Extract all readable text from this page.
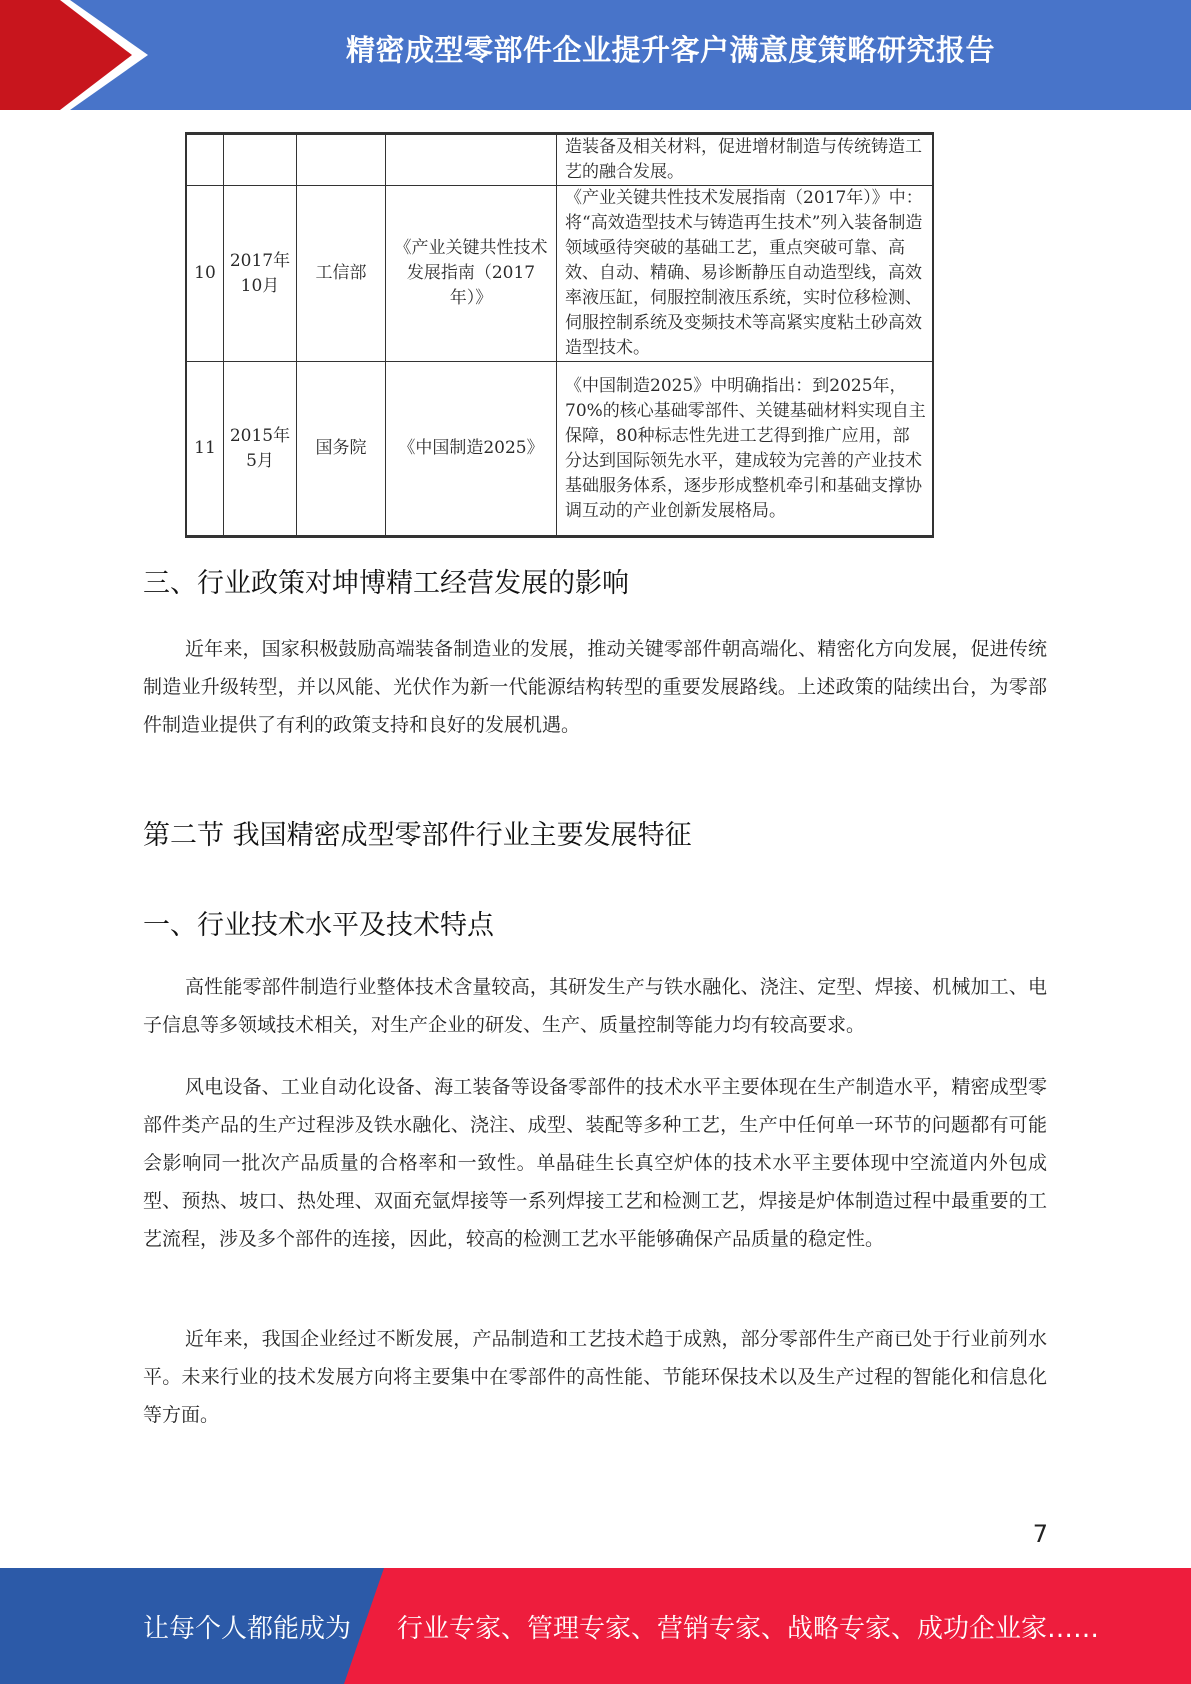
精密成型零部件企业提升客户满意度策略研究报告
				造装备及相关材料，促进增材制造与传统铸造工艺的融合发展。
10	2017年10月	工信部	《产业关键共性技术发展指南（2017年）》	《产业关键共性技术发展指南（2017年）》中：将“高效造型技术与铸造再生技术”列入装备制造领域亟待突破的基础工艺，重点突破可靠、高效、自动、精确、易诊断静压自动造型线，高效率液压缸，伺服控制液压系统，实时位移检测、伺服控制系统及变频技术等高紧实度粘土砂高效造型技术。
11	2015年5月	国务院	《中国制造2025》	《中国制造2025》中明确指出：到2025年，70%的核心基础零部件、关键基础材料实现自主保障，80种标志性先进工艺得到推广应用，部分达到国际领先水平，建成较为完善的产业技术基础服务体系，逐步形成整机牵引和基础支撑协调互动的产业创新发展格局。
三、行业政策对坤博精工经营发展的影响

近年来，国家积极鼓励高端装备制造业的发展，推动关键零部件朝高端化、精密化方向发展，促进传统制造业升级转型，并以风能、光伏作为新一代能源结构转型的重要发展路线。上述政策的陆续出台，为零部件制造业提供了有利的政策支持和良好的发展机遇。

第二节 我国精密成型零部件行业主要发展特征
一、行业技术水平及技术特点

高性能零部件制造行业整体技术含量较高，其研发生产与铁水融化、浇注、定型、焊接、机械加工、电子信息等多领域技术相关，对生产企业的研发、生产、质量控制等能力均有较高要求。

风电设备、工业自动化设备、海工装备等设备零部件的技术水平主要体现在生产制造水平，精密成型零部件类产品的生产过程涉及铁水融化、浇注、成型、装配等多种工艺，生产中任何单一环节的问题都有可能会影响同一批次产品质量的合格率和一致性。单晶硅生长真空炉体的技术水平主要体现中空流道内外包成型、预热、坡口、热处理、双面充氩焊接等一系列焊接工艺和检测工艺，焊接是炉体制造过程中最重要的工艺流程，涉及多个部件的连接，因此，较高的检测工艺水平能够确保产品质量的稳定性。

近年来，我国企业经过不断发展，产品制造和工艺技术趋于成熟，部分零部件生产商已处于行业前列水平。未来行业的技术发展方向将主要集中在零部件的高性能、节能环保技术以及生产过程的智能化和信息化等方面。

7
让每个人都能成为 行业专家、管理专家、营销专家、战略专家、成功企业家……
